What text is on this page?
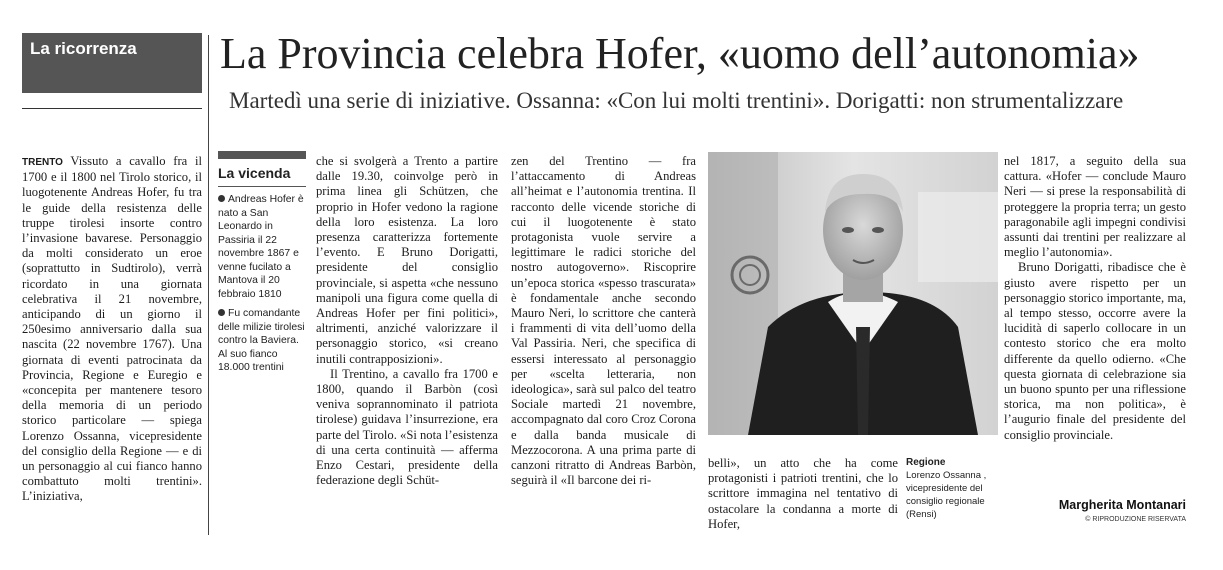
La ricorrenza La Provincia celebra Hofer, «uomo dell’autonomia»
Martedì una serie di iniziative. Ossanna: «Con lui molti trentini». Dorigatti: non strumentalizzare

TRENTO Vissuto a cavallo fra il 1700 e il 1800 nel Tirolo storico, il luogotenente Andreas Hofer, fu tra le guide della resistenza delle truppe tirolesi insorte contro l’invasione bavarese. Personaggio da molti considerato un eroe (soprattutto in Sudtirolo), verrà ricordato in una giornata celebrativa il 21 novembre, anticipando di un giorno il 250esimo anniversario dalla sua nascita (22 novembre 1767). Una giornata di eventi patrocinata da Provincia, Regione e Euregio e «concepita per mantenere tesoro della memoria di un periodo storico particolare — spiega Lorenzo Ossanna, vicepresidente del consiglio della Regione — e di un personaggio al cui fianco hanno combattuto molti trentini». L’iniziativa,

La vicenda
Andreas Hofer è nato a San Leonardo in Passiria il 22 novembre 1867 e venne fucilato a Mantova il 20 febbraio 1810
Fu comandante delle milizie tirolesi contro la Baviera. Al suo fianco 18.000 trentini

che si svolgerà a Trento a partire dalle 19.30, coinvolge però in prima linea gli Schützen, che proprio in Hofer vedono la ragione della loro esistenza. La loro presenza caratterizza fortemente l’evento. E Bruno Dorigatti, presidente del consiglio provinciale, si aspetta «che nessuno manipoli una figura come quella di Andreas Hofer per fini politici», altrimenti, anziché valorizzare il personaggio storico, «si creano inutili contrapposizioni».

Il Trentino, a cavallo fra 1700 e 1800, quando il Barbòn (così veniva soprannominato il patriota tirolese) guidava l’insurrezione, era parte del Tirolo. «Si nota l’esistenza di una certa continuità — afferma Enzo Cestari, presidente della federazione degli Schüt-

zen del Trentino — fra l’attaccamento di Andreas all’heimat e l’autonomia trentina. Il racconto delle vicende storiche di cui il luogotenente è stato protagonista vuole servire a legittimare le radici storiche del nostro autogoverno». Riscoprire un’epoca storica «spesso trascurata» è fondamentale anche secondo Mauro Neri, lo scrittore che canterà i frammenti di vita dell’uomo della Val Passiria. Neri, che specifica di essersi interessato al personaggio per «scelta letteraria, non ideologica», sarà sul palco del teatro Sociale martedì 21 novembre, accompagnato dal coro Croz Corona e dalla banda musicale di Mezzocorona. A una prima parte di canzoni ritratto di Andreas Barbòn, seguirà il «Il barcone dei ri-

belli», un atto che ha come protagonisti i patrioti trentini, che lo scrittore immagina nel tentativo di ostacolare la condanna a morte di Hofer,

Regione
Lorenzo Ossanna , vicepresidente del consiglio regionale (Rensi)

nel 1817, a seguito della sua cattura. «Hofer — conclude Mauro Neri — si prese la responsabilità di proteggere la propria terra; un gesto paragonabile agli impegni condivisi assunti dai trentini per realizzare al meglio l’autonomia».

Bruno Dorigatti, ribadisce che è giusto avere rispetto per un personaggio storico importante, ma, al tempo stesso, occorre avere la lucidità di saperlo collocare in un contesto storico che era molto differente da quello odierno. «Che questa giornata di celebrazione sia un buono spunto per una riflessione storica, ma non politica», è l’augurio finale del presidente del consiglio provinciale.

Margherita Montanari
© RIPRODUZIONE RISERVATA
